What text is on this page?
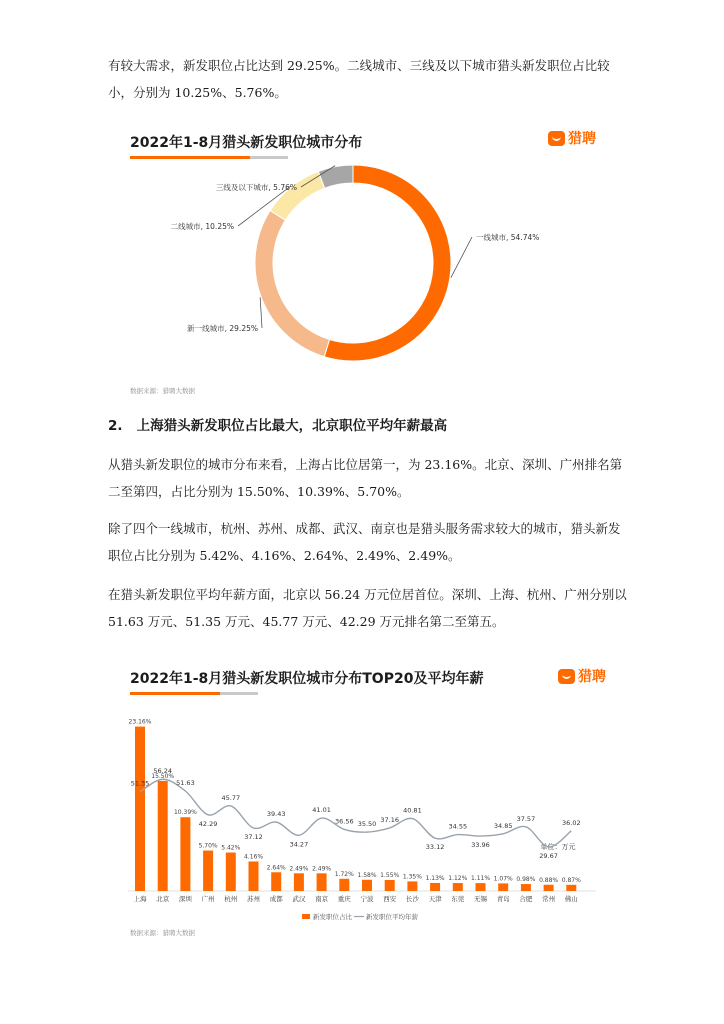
有较大需求，新发职位占比达到 29.25%。二线城市、三线及以下城市猎头新发职位占比较小，分别为 10.25%、5.76%。
2022年1-8月猎头新发职位城市分布	猎聘
一线城市, 54.74%
新一线城市, 29.25%
二线城市, 10.25%
三线及以下城市, 5.76%
数据来源：猎聘大数据
2.   上海猎头新发职位占比最大，北京职位平均年薪最高
从猎头新发职位的城市分布来看，上海占比位居第一，为 23.16%。北京、深圳、广州排名第二至第四，占比分别为 15.50%、10.39%、5.70%。
除了四个一线城市，杭州、苏州、成都、武汉、南京也是猎头服务需求较大的城市，猎头新发职位占比分别为 5.42%、4.16%、2.64%、2.49%、2.49%。
在猎头新发职位平均年薪方面，北京以 56.24 万元位居首位。深圳、上海、杭州、广州分别以 51.63 万元、51.35 万元、45.77 万元、42.29 万元排名第二至第五。
2022年1-8月猎头新发职位城市分布TOP20及平均年薪	猎聘
单位：万元
新发职位占比 新发职位平均年薪
23.16%
上海
15.50%
北京
10.39%
深圳
5.70%
广州
5.42%
杭州
4.16%
苏州
2.64%
成都
2.49%
武汉
2.49%
南京
1.72%
重庆
1.58%
宁波
1.55%
西安
1.35%
长沙
1.13%
天津
1.12%
东莞
1.11%
无锡
1.07%
青岛
0.98%
合肥
0.88%
常州
0.87%
佛山
51.35
56.24
51.63
42.29
45.77
37.12
39.43
34.27
41.01
36.56 35.50
37.16
40.81
33.12
34.55
33.96
34.85
37.57
29.67
36.02
数据来源：猎聘大数据
